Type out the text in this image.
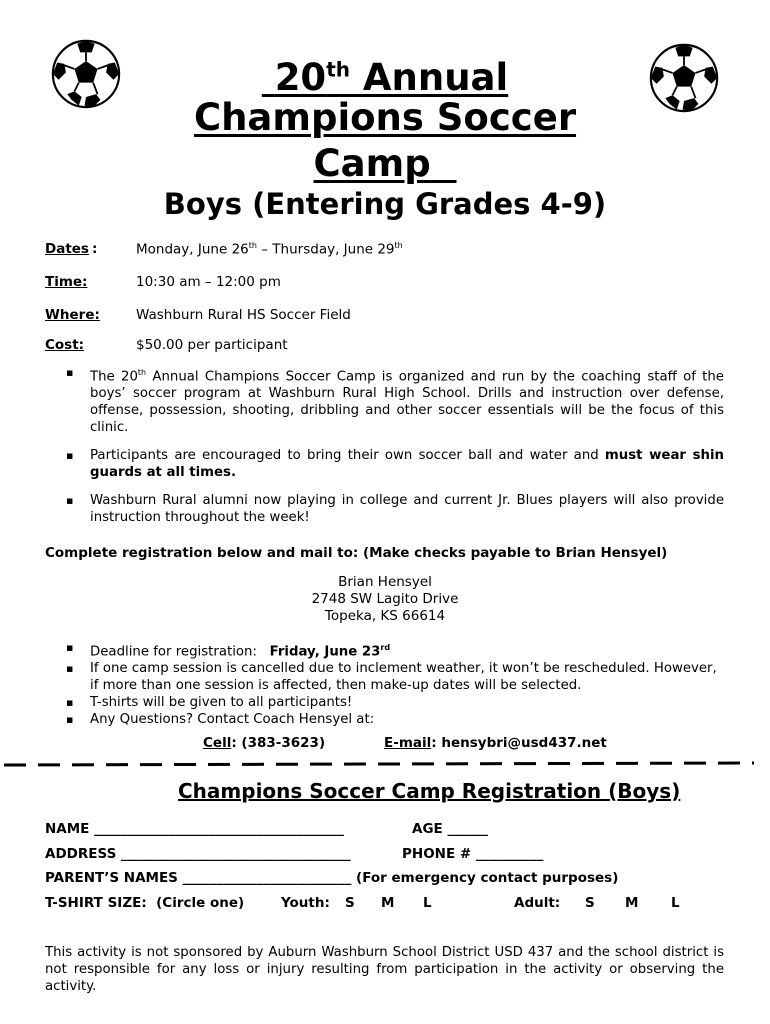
20th Annual
Champions Soccer
Camp
Boys (Entering Grades 4-9)
Dates :	Monday, June 26th – Thursday, June 29th
Time:	10:30 am – 12:00 pm
Where:	Washburn Rural HS Soccer Field
Cost:	$50.00 per participant
▪ The 20th Annual Champions Soccer Camp is organized and run by the coaching staff of the boys’ soccer program at Washburn Rural High School. Drills and instruction over defense, offense, possession, shooting, dribbling and other soccer essentials will be the focus of this clinic.
▪ Participants are encouraged to bring their own soccer ball and water and must wear shin guards at all times.
▪ Washburn Rural alumni now playing in college and current Jr. Blues players will also provide instruction throughout the week!
Complete registration below and mail to: (Make checks payable to Brian Hensyel)
Brian Hensyel
2748 SW Lagito Drive
Topeka, KS 66614
▪ Deadline for registration:   Friday, June 23rd
▪ If one camp session is cancelled due to inclement weather, it won’t be rescheduled. However, if more than one session is affected, then make-up dates will be selected.
▪ T-shirts will be given to all participants!
▪ Any Questions? Contact Coach Hensyel at:
Cell: (383-3623)	E-mail: hensybri@usd437.net
Champions Soccer Camp Registration (Boys)
NAME _____________________________________	AGE ______
ADDRESS __________________________________	PHONE # __________
PARENT’S NAMES _________________________ (For emergency contact purposes)
T-SHIRT SIZE:  (Circle one)	Youth: S M L	Adult: S M L
This activity is not sponsored by Auburn Washburn School District USD 437 and the school district is not responsible for any loss or injury resulting from participation in the activity or observing the activity.
